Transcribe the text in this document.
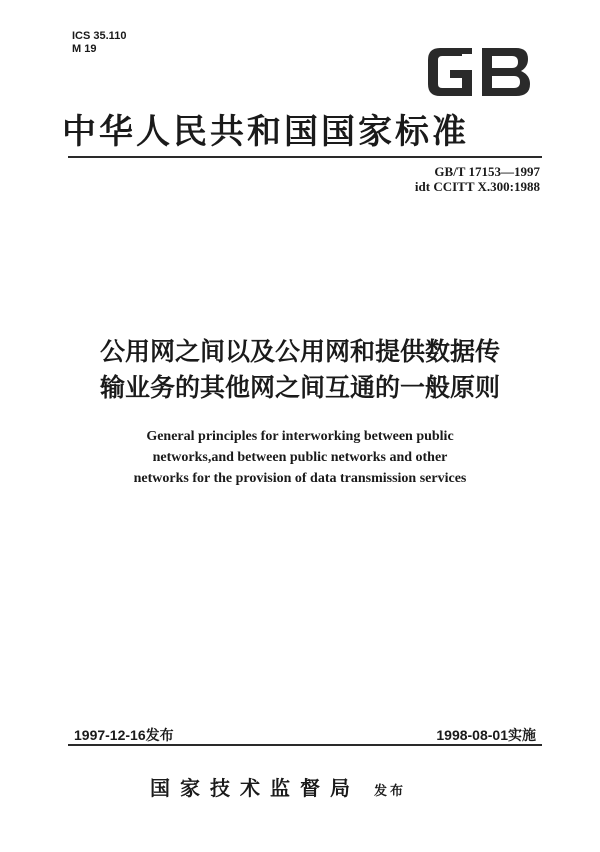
ICS 35.110
M 19
GB
中华人民共和国国家标准
GB/T 17153—1997
idt CCITT X.300:1988
公用网之间以及公用网和提供数据传
输业务的其他网之间互通的一般原则
General principles for interworking between public
networks,and between public networks and other
networks for the provision of data transmission services
1997-12-16发布	1998-08-01实施
国家技术监督局 发布
